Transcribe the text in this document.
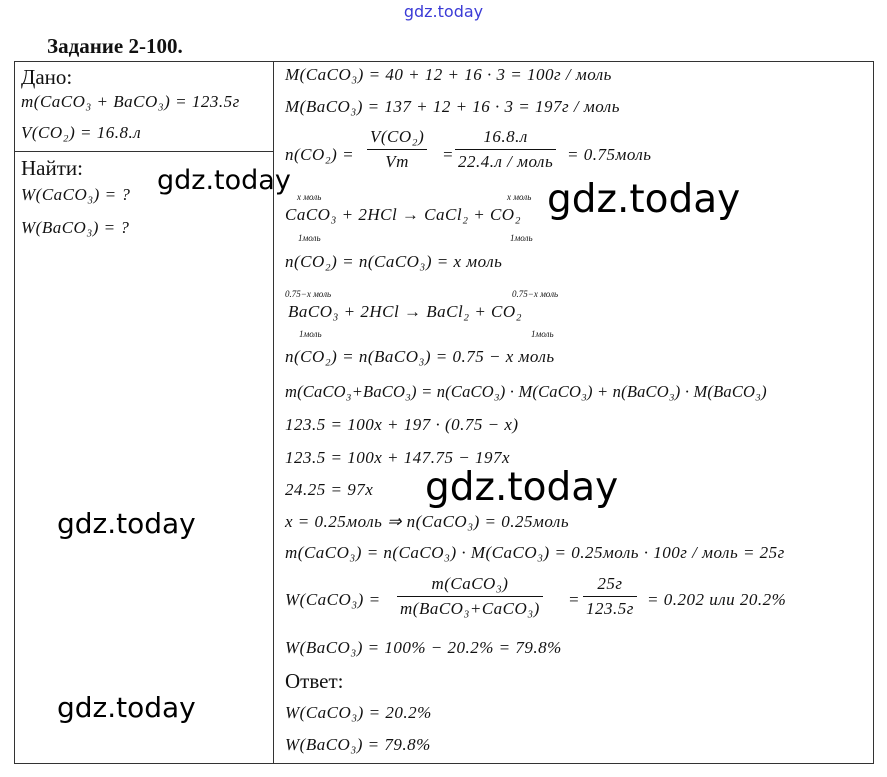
gdz.today
Задание 2-100.
Дано:
m(CaCO₃ + BaCO₃) = 123.5г
V(CO₂) = 16.8.л
Найти:
W(CaCO₃) = ?
W(BaCO₃) = ?
M(CaCO₃) = 40 + 12 + 16 · 3 = 100г / моль
M(BaCO₃) = 137 + 12 + 16 · 3 = 197г / моль
n(CO₂) =
V(CO₂)
Vm =
16.8.л
22.4.л / моль = 0.75моль
x моль	x моль
CaCO₃ + 2HCl → CaCl₂ + CO₂
1моль	1моль
n(CO₂) = n(CaCO₃) = x моль
0.75−x моль	0.75−x моль
BaCO₃ + 2HCl → BaCl₂ + CO₂
1моль	1моль
n(CO₂) = n(BaCO₃) = 0.75 − x моль
m(CaCO₃+BaCO₃) = n(CaCO₃) · M(CaCO₃) + n(BaCO₃) · M(BaCO₃)
123.5 = 100x + 197 · (0.75 − x)
123.5 = 100x + 147.75 − 197x
24.25 = 97x
x = 0.25моль ⇒ n(CaCO₃) = 0.25моль
m(CaCO₃) = n(CaCO₃) · M(CaCO₃) = 0.25моль · 100г / моль = 25г
W(CaCO₃) =
m(CaCO₃)
m(BaCO₃+CaCO₃) =
25г
123.5г = 0.202 или 20.2%
W(BaCO₃) = 100% − 20.2% = 79.8%
Ответ:
W(CaCO₃) = 20.2%
W(BaCO₃) = 79.8%
gdz.today	gdz.today
gdz.today
gdz.today
gdz.today
